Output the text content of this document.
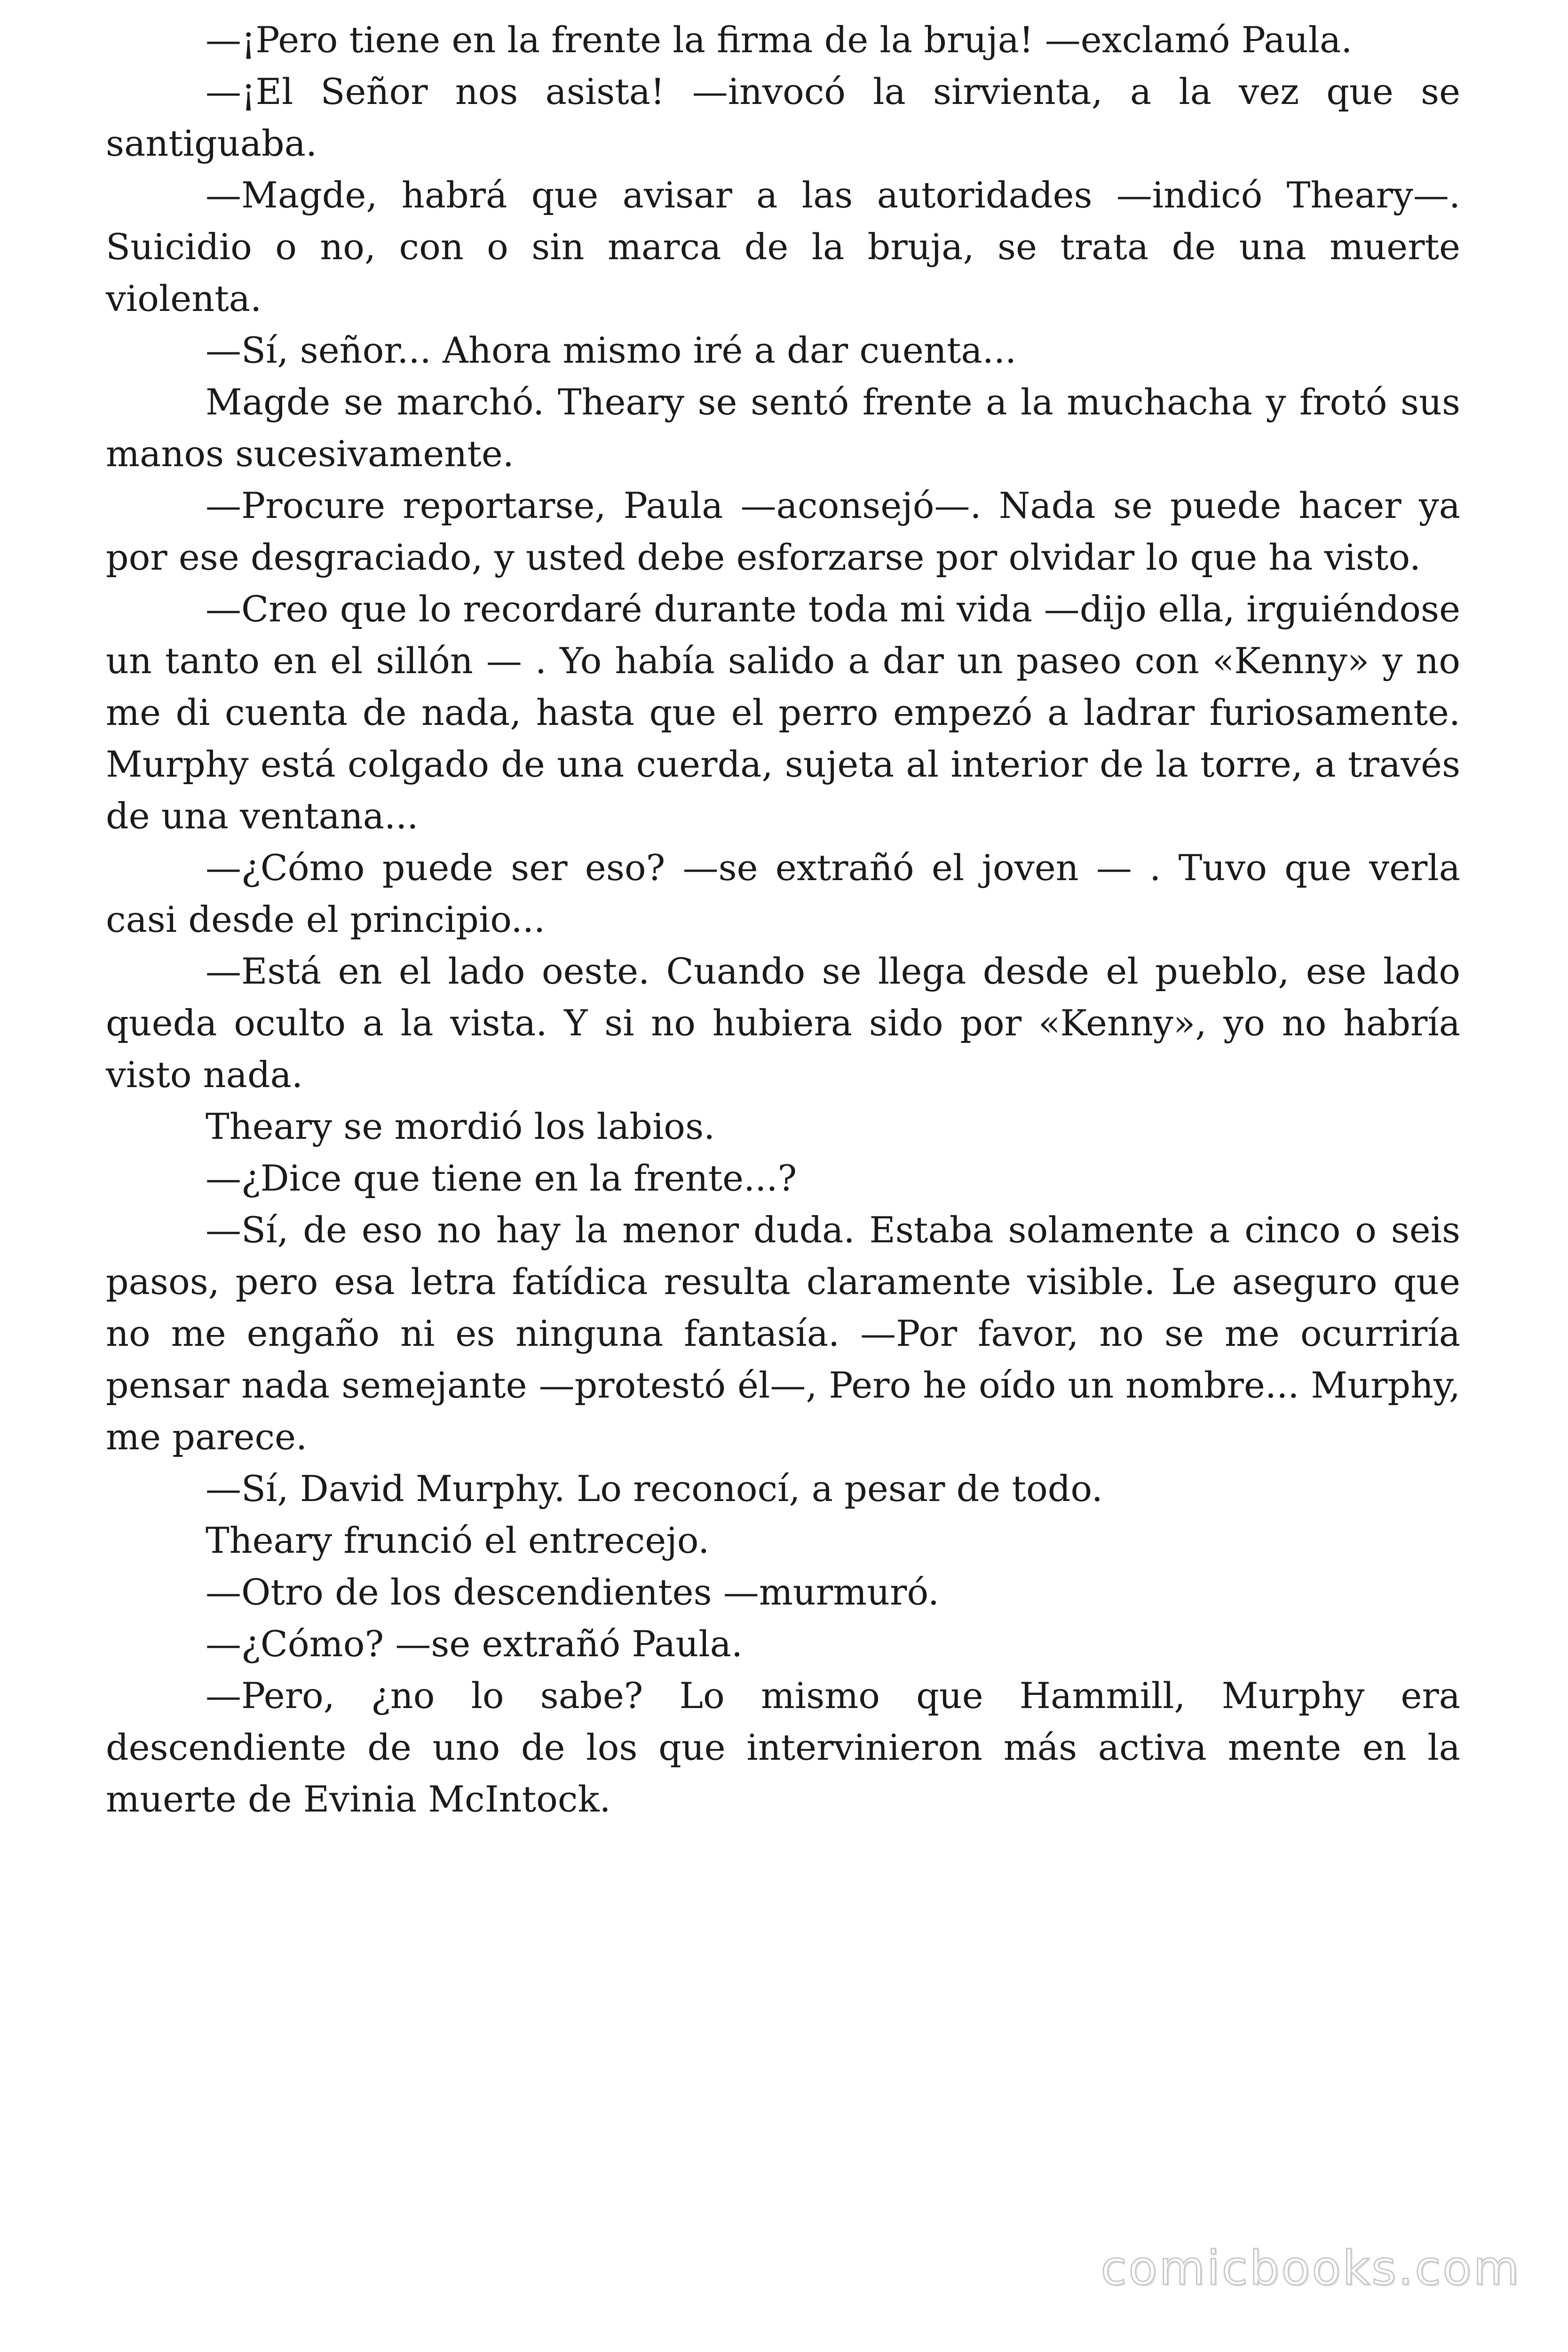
—¡Pero tiene en la frente la firma de la bruja! —exclamó Paula.

—¡El Señor nos asista! —invocó la sirvienta, a la vez que se santiguaba.

—Magde, habrá que avisar a las autoridades —indicó Theary—. Suicidio o no, con o sin marca de la bruja, se trata de una muerte violenta.

—Sí, señor... Ahora mismo iré a dar cuenta...

Magde se marchó. Theary se sentó frente a la muchacha y frotó sus manos sucesivamente.

—Procure reportarse, Paula —aconsejó—. Nada se puede hacer ya por ese desgraciado, y usted debe esforzarse por olvidar lo que ha visto.

—Creo que lo recordaré durante toda mi vida —dijo ella, irguiéndose un tanto en el sillón — . Yo había salido a dar un paseo con «Kenny» y no me di cuenta de nada, hasta que el perro empezó a ladrar furiosamente. Murphy está colgado de una cuerda, sujeta al interior de la torre, a través de una ventana...

—¿Cómo puede ser eso? —se extrañó el joven — . Tuvo que verla casi desde el principio...

—Está en el lado oeste. Cuando se llega desde el pueblo, ese lado queda oculto a la vista. Y si no hubiera sido por «Kenny», yo no habría visto nada.

Theary se mordió los labios.

—¿Dice que tiene en la frente...?

—Sí, de eso no hay la menor duda. Estaba solamente a cinco o seis pasos, pero esa letra fatídica resulta claramente visible. Le aseguro que no me engaño ni es ninguna fantasía. —Por favor, no se me ocurriría pensar nada semejante —protestó él—, Pero he oído un nombre... Murphy, me parece.

—Sí, David Murphy. Lo reconocí, a pesar de todo.

Theary frunció el entrecejo.

—Otro de los descendientes —murmuró.

—¿Cómo? —se extrañó Paula.

—Pero, ¿no lo sabe? Lo mismo que Hammill, Murphy era descendiente de uno de los que intervinieron más activa mente en la muerte de Evinia McIntock.

comicbooks.com
